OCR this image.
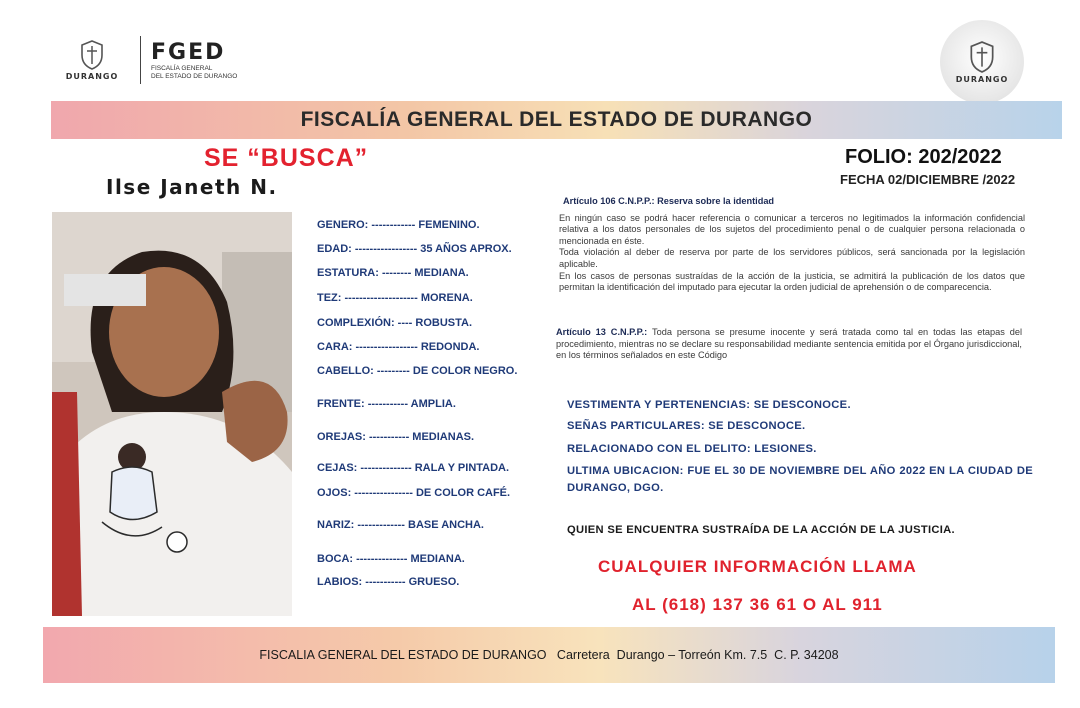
DURANGO
FGED
FISCALÍA GENERAL
DEL ESTADO DE DURANGO	DURANGO
FISCALÍA GENERAL DEL ESTADO DE DURANGO
SE “BUSCA”
Ilse Janeth N.
FOLIO: 202/2022
FECHA 02/DICIEMBRE /2022
GENERO: ------------ FEMENINO.
EDAD: ----------------- 35 AÑOS APROX.
ESTATURA: -------- MEDIANA.
TEZ: -------------------- MORENA.
COMPLEXIÓN: ---- ROBUSTA.
CARA: ----------------- REDONDA.
CABELLO: --------- DE COLOR NEGRO.
FRENTE: ----------- AMPLIA.
OREJAS: ----------- MEDIANAS.
CEJAS: -------------- RALA Y PINTADA.
OJOS: ---------------- DE COLOR CAFÉ.
NARIZ: ------------- BASE ANCHA.
BOCA: -------------- MEDIANA.
LABIOS: ----------- GRUESO.
Artículo 106 C.N.P.P.: Reserva sobre la identidad

En ningún caso se podrá hacer referencia o comunicar a terceros no legitimados la información confidencial relativa a los datos personales de los sujetos del procedimiento penal o de cualquier persona relacionada o mencionada en éste.

Toda violación al deber de reserva por parte de los servidores públicos, será sancionada por la legislación aplicable.

En los casos de personas sustraídas de la acción de la justicia, se admitirá la publicación de los datos que permitan la identificación del imputado para ejecutar la orden judicial de aprehensión o de comparecencia.

Artículo 13 C.N.P.P.: Toda persona se presume inocente y será tratada como tal en todas las etapas del procedimiento, mientras no se declare su responsabilidad mediante sentencia emitida por el Órgano jurisdiccional, en los términos señalados en este Código
VESTIMENTA Y PERTENENCIAS: SE DESCONOCE.
SEÑAS PARTICULARES: SE DESCONOCE.
RELACIONADO CON EL DELITO: LESIONES.
ULTIMA UBICACION: FUE EL 30 DE NOVIEMBRE DEL AÑO 2022 EN LA CIUDAD DE DURANGO, DGO.
QUIEN SE ENCUENTRA SUSTRAÍDA DE LA ACCIÓN DE LA JUSTICIA.
CUALQUIER INFORMACIÓN LLAMA
AL (618) 137 36 61 O AL 911
FISCALIA GENERAL DEL ESTADO DE DURANGO   Carretera  Durango – Torreón Km. 7.5  C. P. 34208
